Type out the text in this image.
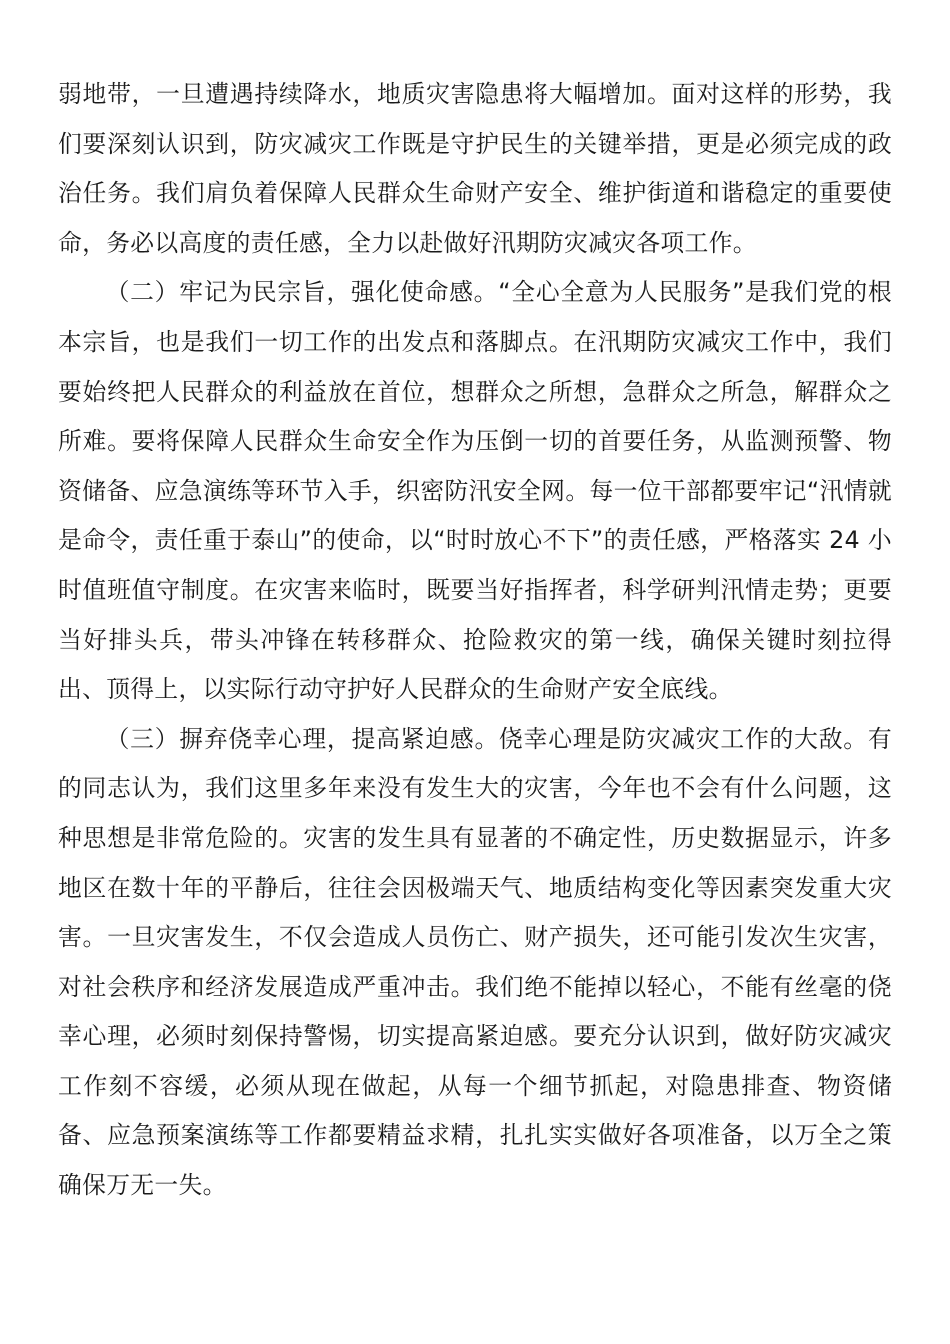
弱地带，一旦遭遇持续降水，地质灾害隐患将大幅增加。面对这样的形势，我们要深刻认识到，防灾减灾工作既是守护民生的关键举措，更是必须完成的政治任务。我们肩负着保障人民群众生命财产安全、维护街道和谐稳定的重要使命，务必以高度的责任感，全力以赴做好汛期防灾减灾各项工作。

（二）牢记为民宗旨，强化使命感。“全心全意为人民服务”是我们党的根本宗旨，也是我们一切工作的出发点和落脚点。在汛期防灾减灾工作中，我们要始终把人民群众的利益放在首位，想群众之所想，急群众之所急，解群众之所难。要将保障人民群众生命安全作为压倒一切的首要任务，从监测预警、物资储备、应急演练等环节入手，织密防汛安全网。每一位干部都要牢记“汛情就是命令，责任重于泰山”的使命，以“时时放心不下”的责任感，严格落实 24 小时值班值守制度。在灾害来临时，既要当好指挥者，科学研判汛情走势；更要当好排头兵，带头冲锋在转移群众、抢险救灾的第一线，确保关键时刻拉得出、顶得上，以实际行动守护好人民群众的生命财产安全底线。

（三）摒弃侥幸心理，提高紧迫感。侥幸心理是防灾减灾工作的大敌。有的同志认为，我们这里多年来没有发生大的灾害，今年也不会有什么问题，这种思想是非常危险的。灾害的发生具有显著的不确定性，历史数据显示，许多地区在数十年的平静后，往往会因极端天气、地质结构变化等因素突发重大灾害。一旦灾害发生，不仅会造成人员伤亡、财产损失，还可能引发次生灾害，对社会秩序和经济发展造成严重冲击。我们绝不能掉以轻心，不能有丝毫的侥幸心理，必须时刻保持警惕，切实提高紧迫感。要充分认识到，做好防灾减灾工作刻不容缓，必须从现在做起，从每一个细节抓起，对隐患排查、物资储备、应急预案演练等工作都要精益求精，扎扎实实做好各项准备，以万全之策确保万无一失。
